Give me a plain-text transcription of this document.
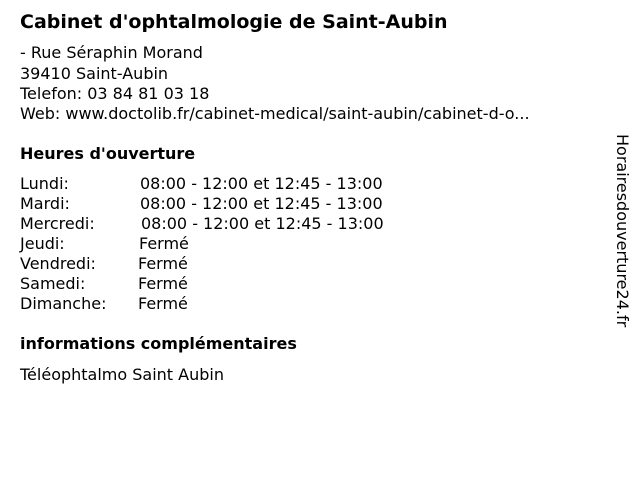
Cabinet d'ophtalmologie de Saint-Aubin
- Rue Séraphin Morand
39410 Saint-Aubin
Telefon: 03 84 81 03 18
Web: www.doctolib.fr/cabinet-medical/saint-aubin/cabinet-d-o...
Heures d'ouverture
Lundi:	08:00 - 12:00 et 12:45 - 13:00
Mardi:	08:00 - 12:00 et 12:45 - 13:00
Mercredi:	08:00 - 12:00 et 12:45 - 13:00
Jeudi:	Fermé
Vendredi:	Fermé
Samedi:	Fermé
Dimanche: Fermé
informations complémentaires
Téléophtalmo Saint Aubin
Horairesdouverture24.fr
